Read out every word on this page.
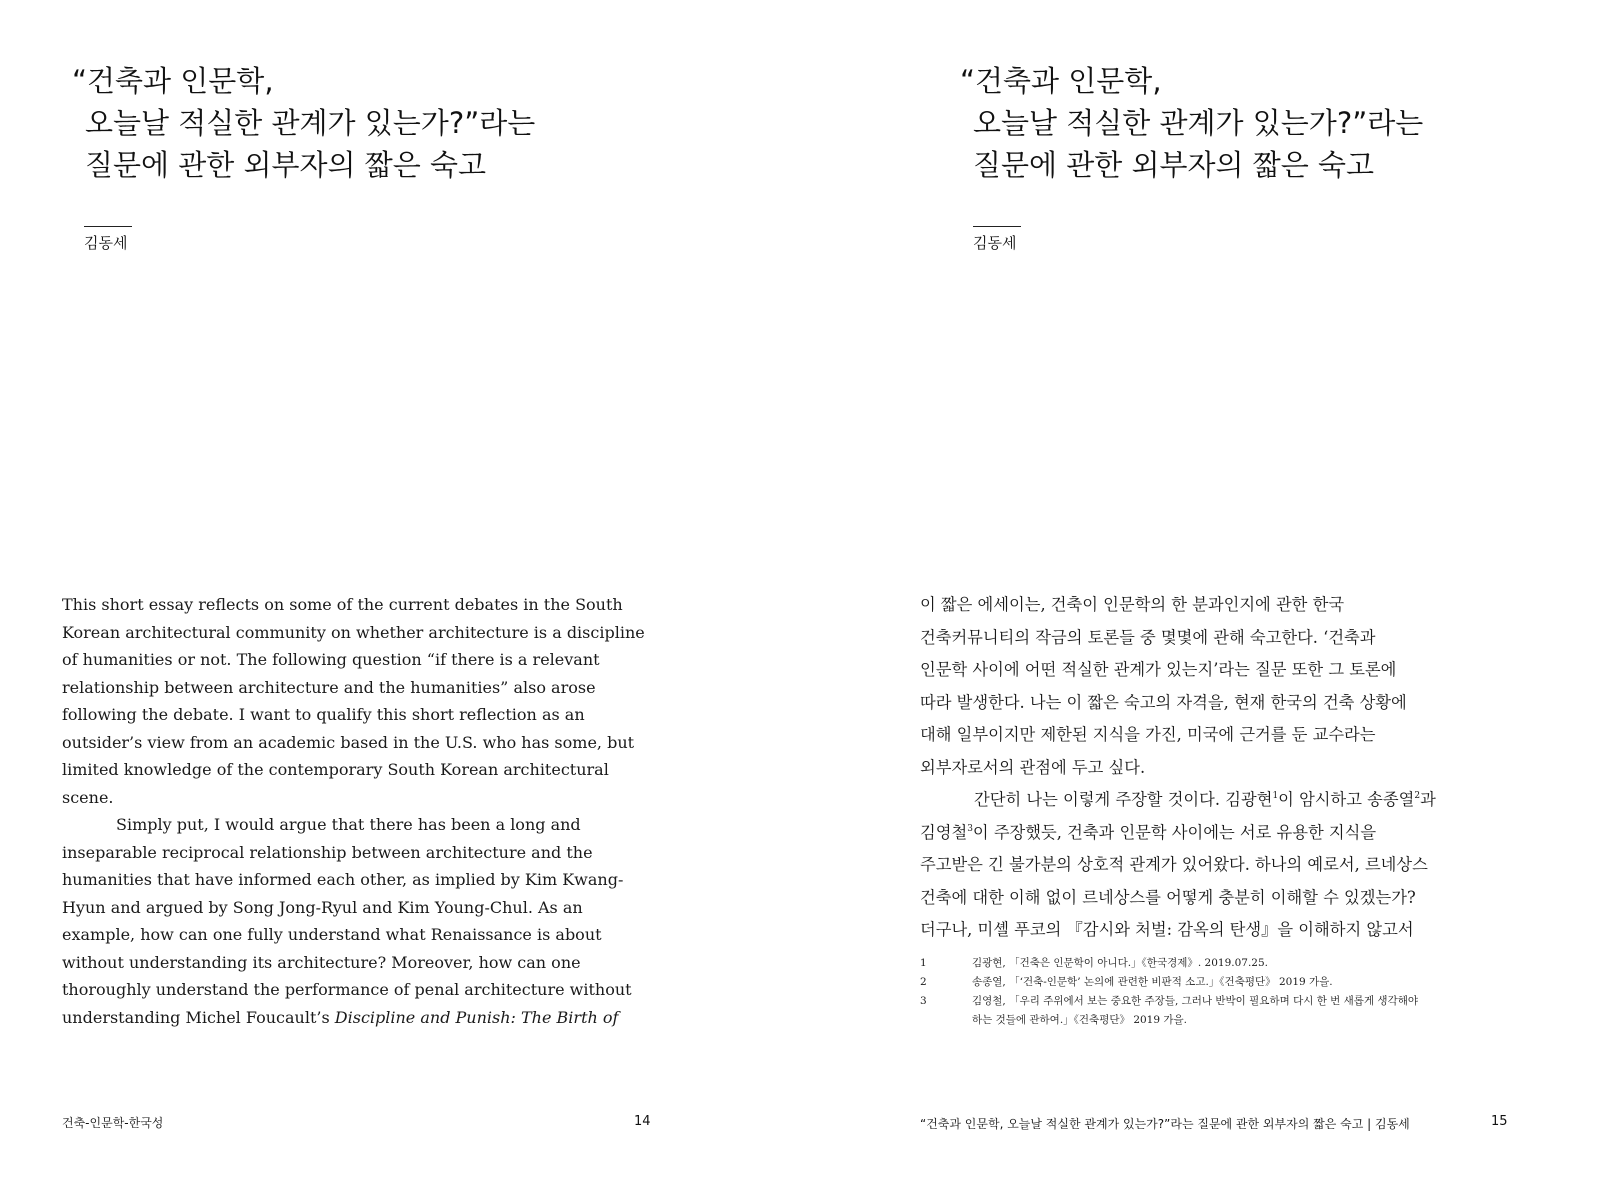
“건축과 인문학,
오늘날 적실한 관계가 있는가?”라는
질문에 관한 외부자의 짧은 숙고
김동세

This short essay reflects on some of the current debates in the South
Korean architectural community on whether architecture is a discipline
of humanities or not. The following question “if there is a relevant
relationship between architecture and the humanities” also arose
following the debate. I want to qualify this short reflection as an
outsider’s view from an academic based in the U.S. who has some, but
limited knowledge of the contemporary South Korean architectural
scene.
Simply put, I would argue that there has been a long and
inseparable reciprocal relationship between architecture and the
humanities that have informed each other, as implied by Kim Kwang-
Hyun and argued by Song Jong-Ryul and Kim Young-Chul. As an
example, how can one fully understand what Renaissance is about
without understanding its architecture? Moreover, how can one
thoroughly understand the performance of penal architecture without
understanding Michel Foucault’s Discipline and Punish: The Birth of

건축-인문학-한국성	14
“건축과 인문학,
오늘날 적실한 관계가 있는가?”라는
질문에 관한 외부자의 짧은 숙고
김동세

이 짧은 에세이는, 건축이 인문학의 한 분과인지에 관한 한국
건축커뮤니티의 작금의 토론들 중 몇몇에 관해 숙고한다. ‘건축과
인문학 사이에 어떤 적실한 관계가 있는지’라는 질문 또한 그 토론에
따라 발생한다. 나는 이 짧은 숙고의 자격을, 현재 한국의 건축 상황에
대해 일부이지만 제한된 지식을 가진, 미국에 근거를 둔 교수라는
외부자로서의 관점에 두고 싶다.
간단히 나는 이렇게 주장할 것이다. 김광현$^1$이 암시하고 송종열$^2$과
김영철$^3$이 주장했듯, 건축과 인문학 사이에는 서로 유용한 지식을
주고받은 긴 불가분의 상호적 관계가 있어왔다. 하나의 예로서, 르네상스
건축에 대한 이해 없이 르네상스를 어떻게 충분히 이해할 수 있겠는가?
더구나, 미셸 푸코의 『감시와 처벌: 감옥의 탄생』을 이해하지 않고서

1	김광현, 「건축은 인문학이 아니다.」《한국경제》. 2019.07.25.
2	송종열, 「‘건축-인문학’ 논의에 관련한 비판적 소고.」《건축평단》 2019 가을.
3	김영철, 「우리 주위에서 보는 중요한 주장들, 그러나 반박이 필요하며 다시 한 번 새롭게 생각해야
하는 것들에 관하여.」《건축평단》 2019 가을.
“건축과 인문학, 오늘날 적실한 관계가 있는가?”라는 질문에 관한 외부자의 짧은 숙고 | 김동세	15
